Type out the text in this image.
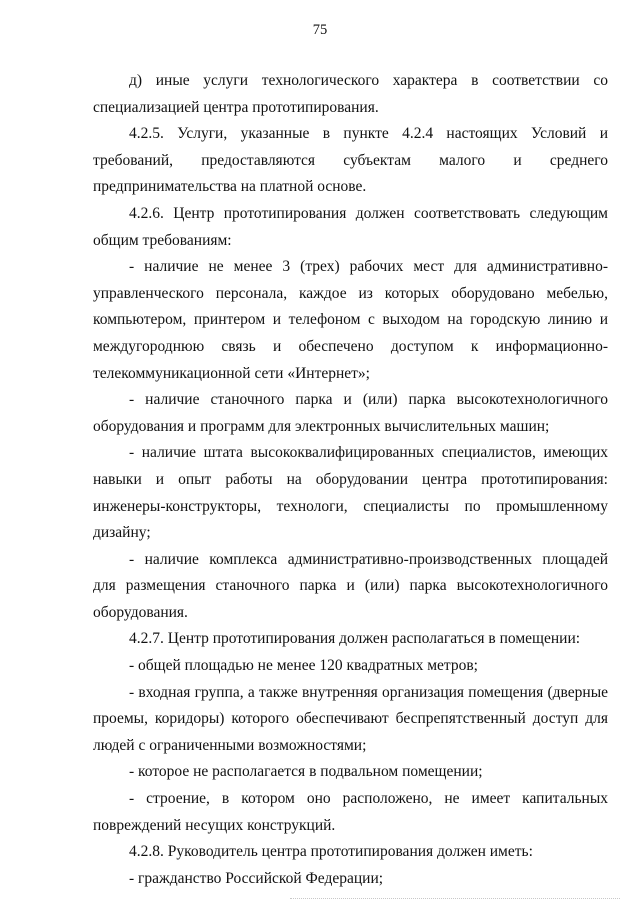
75

д) иные услуги технологического характера в соответствии со специализацией центра прототипирования.

4.2.5. Услуги, указанные в пункте 4.2.4 настоящих Условий и требований, предоставляются субъектам малого и среднего предпринимательства на платной основе.

4.2.6. Центр прототипирования должен соответствовать следующим общим требованиям:

- наличие не менее 3 (трех) рабочих мест для административно-управленческого персонала, каждое из которых оборудовано мебелью, компьютером, принтером и телефоном с выходом на городскую линию и междугороднюю связь и обеспечено доступом к информационно-телекоммуникационной сети «Интернет»;

- наличие станочного парка и (или) парка высокотехнологичного оборудования и программ для электронных вычислительных машин;

- наличие штата высококвалифицированных специалистов, имеющих навыки и опыт работы на оборудовании центра прототипирования: инженеры-конструкторы, технологи, специалисты по промышленному дизайну;

- наличие комплекса административно-производственных площадей для размещения станочного парка и (или) парка высокотехнологичного оборудования.

4.2.7. Центр прототипирования должен располагаться в помещении:

- общей площадью не менее 120 квадратных метров;

- входная группа, а также внутренняя организация помещения (дверные проемы, коридоры) которого обеспечивают беспрепятственный доступ для людей с ограниченными возможностями;

- которое не располагается в подвальном помещении;

- строение, в котором оно расположено, не имеет капитальных повреждений несущих конструкций.

4.2.8. Руководитель центра прототипирования должен иметь:

- гражданство Российской Федерации;
